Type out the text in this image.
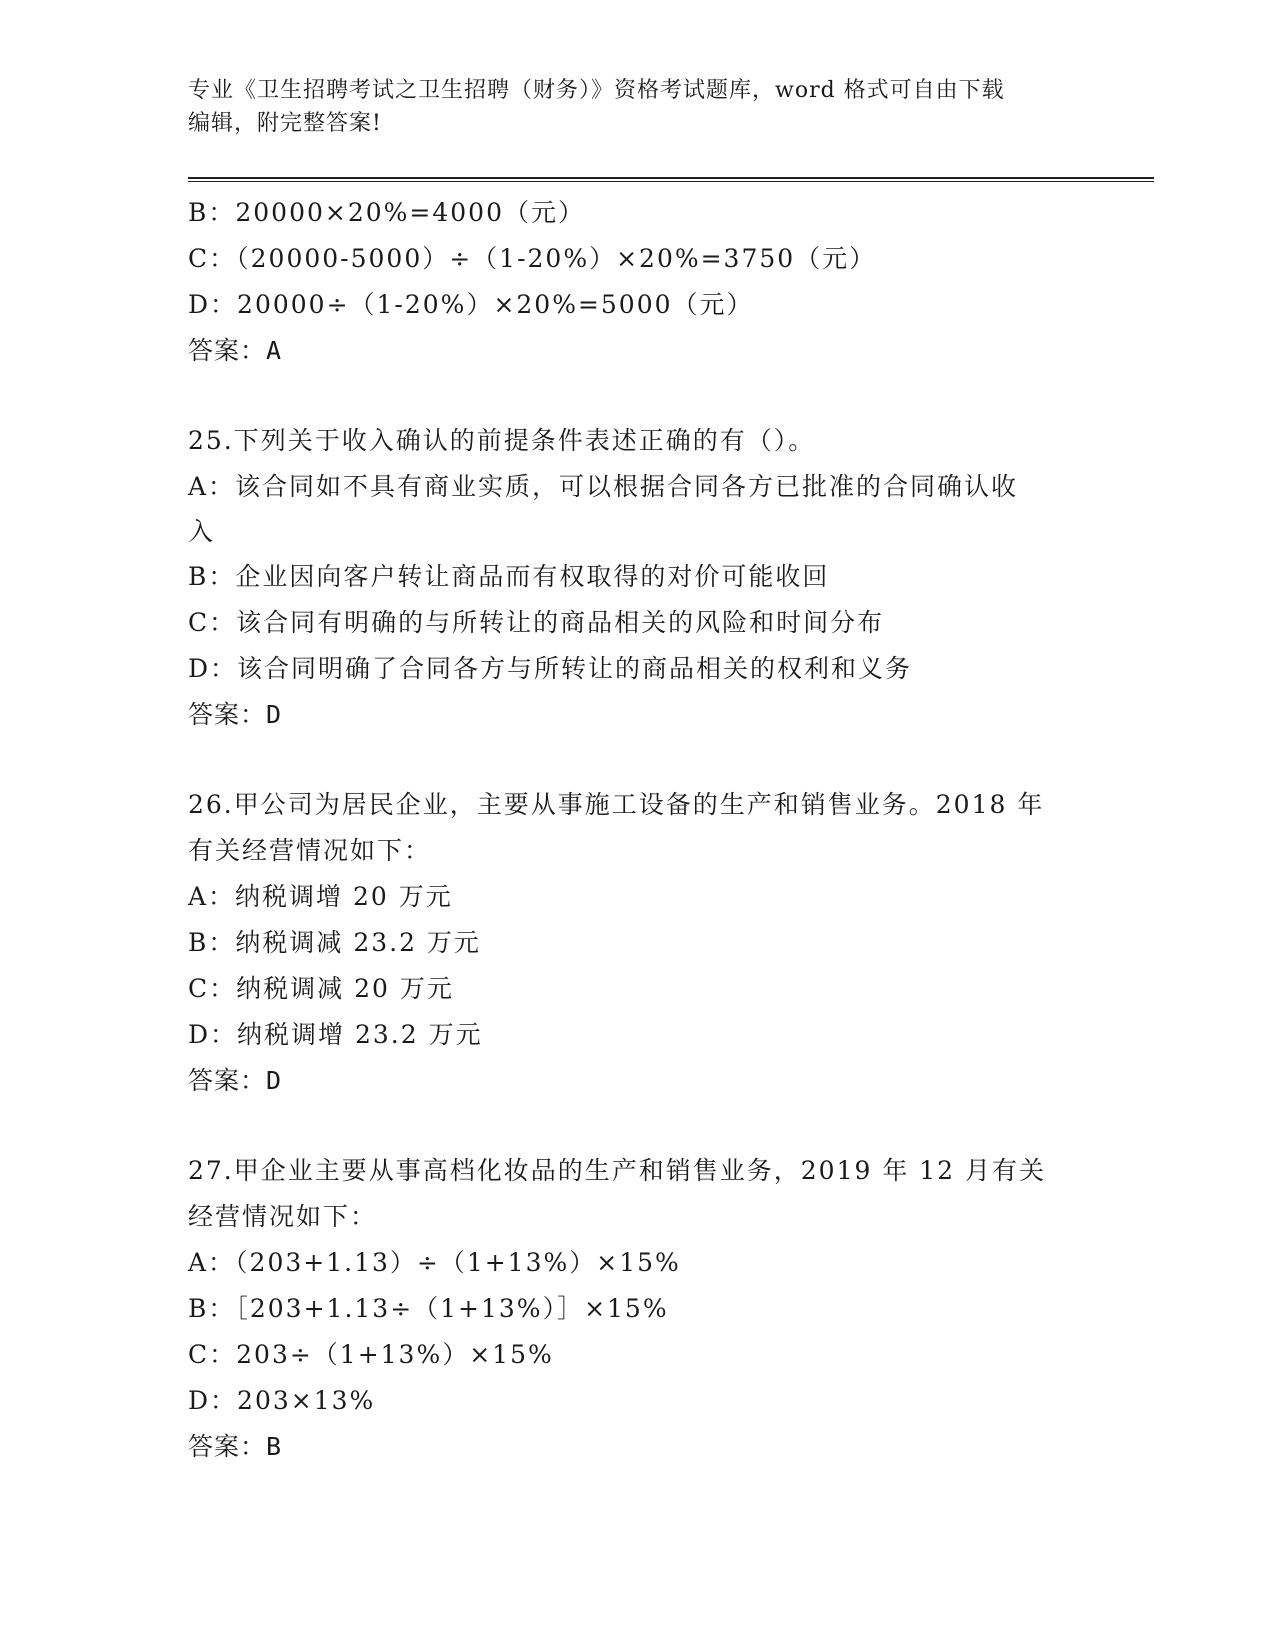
专业《卫生招聘考试之卫生招聘（财务）》资格考试题库，word 格式可自由下载
编辑，附完整答案!
B：20000×20%=4000（元）
C：（20000-5000）÷（1-20%）×20%=3750（元）
D：20000÷（1-20%）×20%=5000（元）
答案：A
25.下列关于收入确认的前提条件表述正确的有（）。
A：该合同如不具有商业实质，可以根据合同各方已批准的合同确认收
入
B：企业因向客户转让商品而有权取得的对价可能收回
C：该合同有明确的与所转让的商品相关的风险和时间分布
D：该合同明确了合同各方与所转让的商品相关的权利和义务
答案：D
26.甲公司为居民企业，主要从事施工设备的生产和销售业务。2018 年
有关经营情况如下：
A：纳税调增 20 万元
B：纳税调减 23.2 万元
C：纳税调减 20 万元
D：纳税调增 23.2 万元
答案：D
27.甲企业主要从事高档化妆品的生产和销售业务，2019 年 12 月有关
经营情况如下：
A：（203+1.13）÷（1+13%）×15%
B：［203+1.13÷（1+13%）］×15%
C：203÷（1+13%）×15%
D：203×13%
答案：B
